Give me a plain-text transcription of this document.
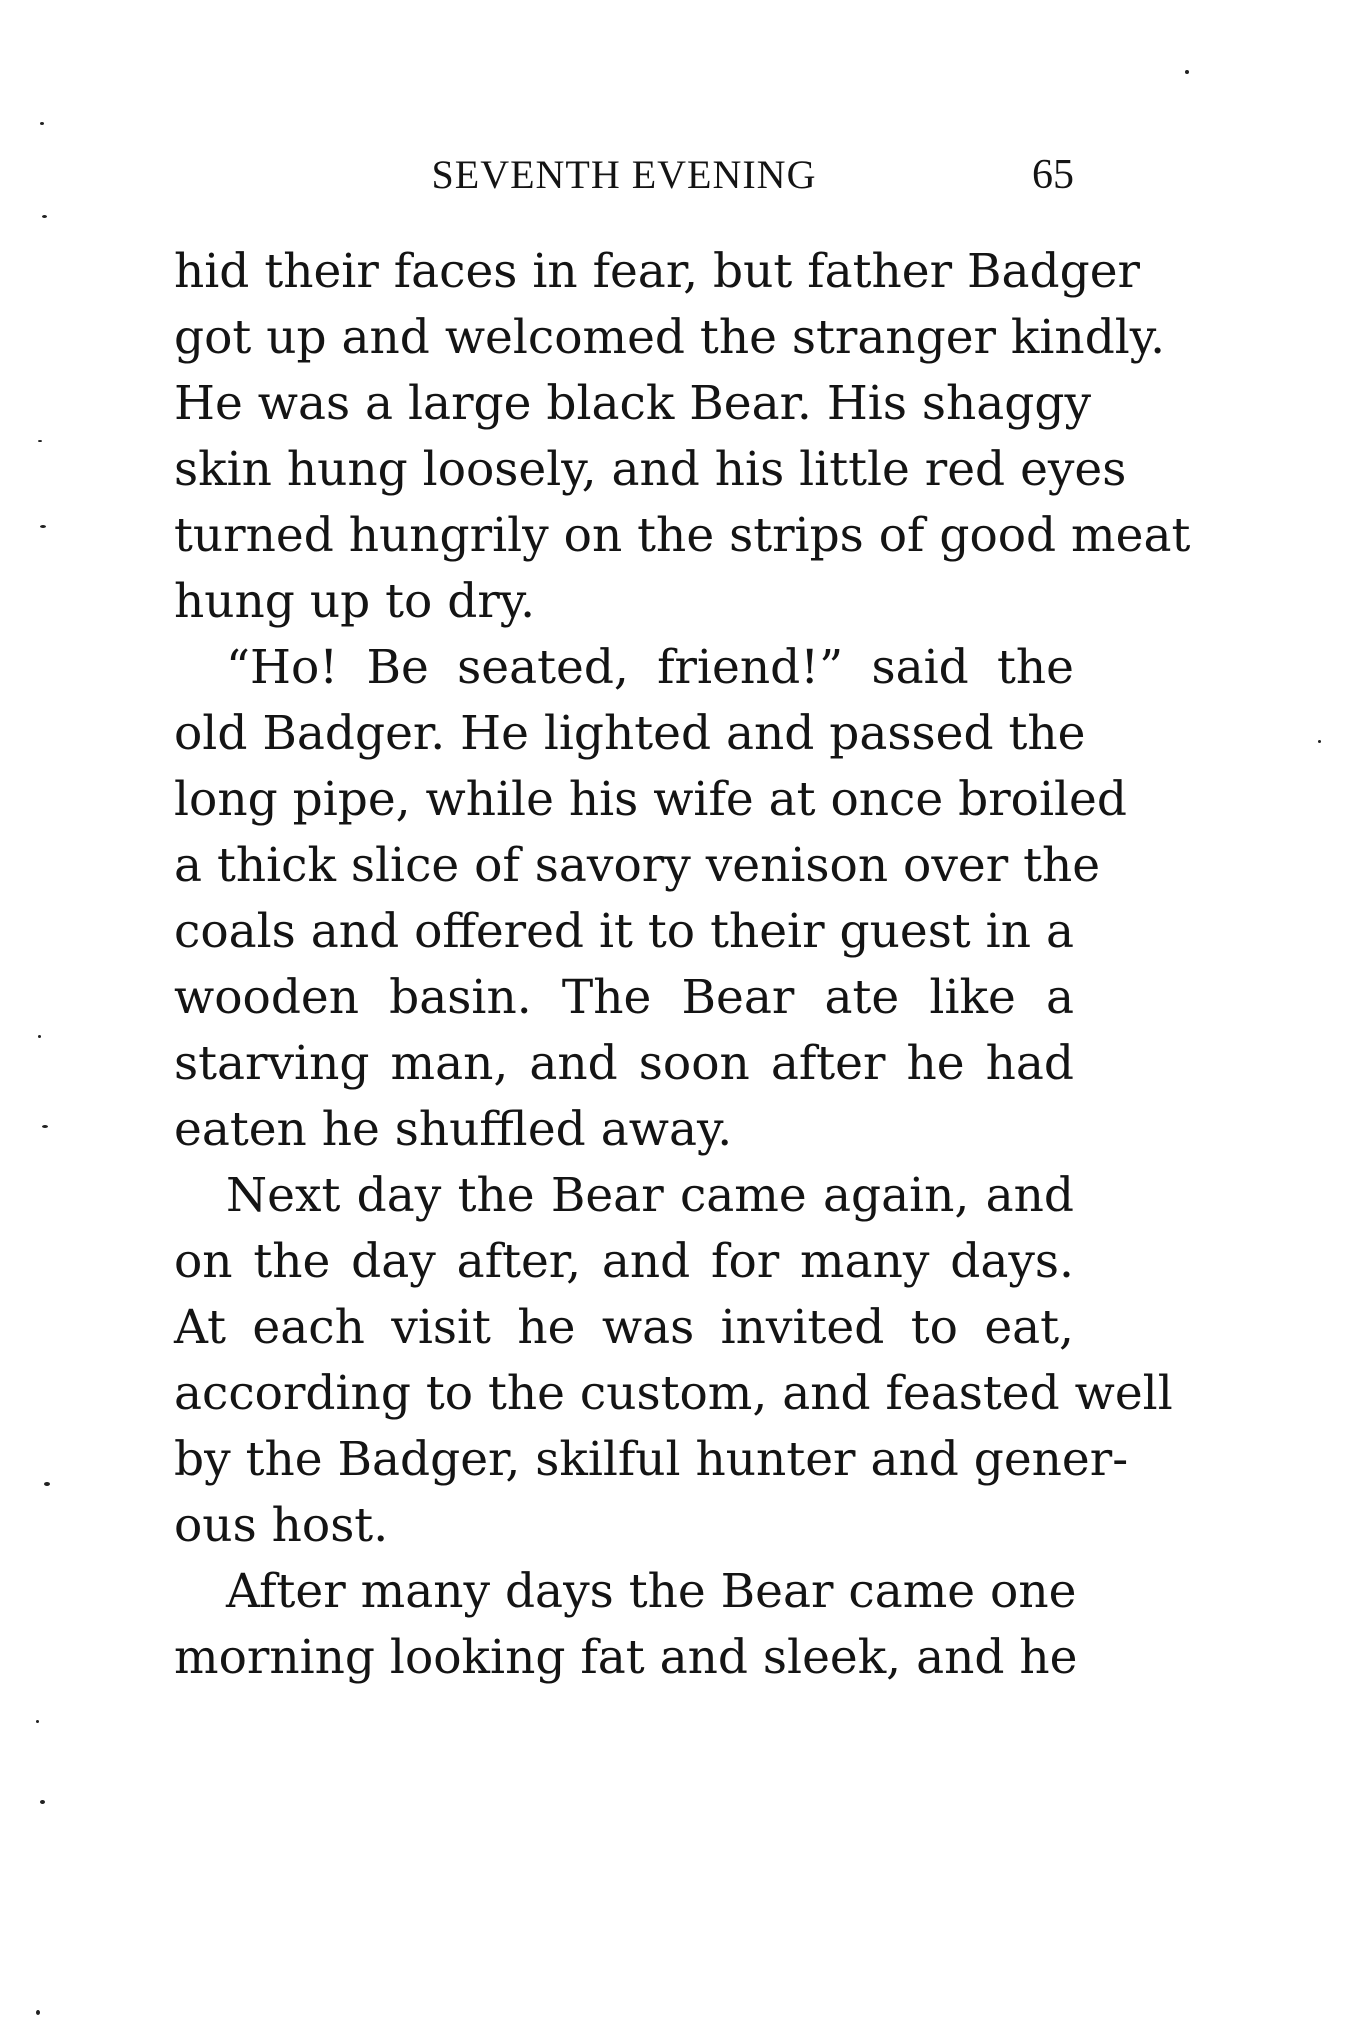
SEVENTH EVENING	65
hid their faces in fear, but father Badger
got up and welcomed the stranger kindly.
He was a large black Bear. His shaggy
skin hung loosely, and his little red eyes
turned hungrily on the strips of good meat
hung up to dry.
“Ho! Be seated, friend!” said the
old Badger. He lighted and passed the
long pipe, while his wife at once broiled
a thick slice of savory venison over the
coals and offered it to their guest in a
wooden basin. The Bear ate like a
starving man, and soon after he had
eaten he shuffled away.
Next day the Bear came again, and
on the day after, and for many days.
At each visit he was invited to eat,
according to the custom, and feasted well
by the Badger, skilful hunter and gener-
ous host.
After many days the Bear came one
morning looking fat and sleek, and he
